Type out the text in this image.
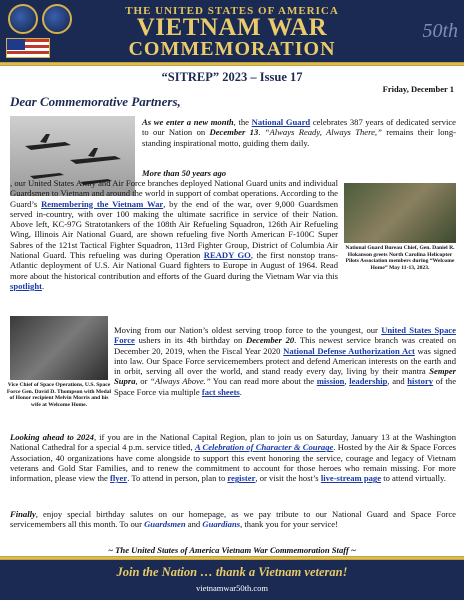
THE UNITED STATES OF AMERICA
VIETNAM WAR
COMMEMORATION
50th
“SITREP” 2023 – Issue 17
Friday, December 1
Dear Commemorative Partners,
As we enter a new month, the National Guard celebrates 387 years of dedicated service to our Nation on December 13. “Always Ready, Always There,” remains their long-standing inspirational motto, guiding them daily.
More than 50 years ago
National Guard Bureau Chief, Gen. Daniel R. Hokanson greets North Carolina Helicopter Pilots Association members during “Welcome Home” May 11-13, 2023.
, our United States Army and Air Force branches deployed National Guard units and individual Guardsmen to Vietnam and around the world in support of combat operations. According to the Guard’s Remembering the Vietnam War, by the end of the war, over 9,000 Guardsmen served in-country, with over 100 making the ultimate sacrifice in service of their Nation. Above left, KC-97G Stratotankers of the 108th Air Refueling Squadron, 126th Air Refueling Wing, Illinois Air National Guard, are shown refueling five North American F-100C Super Sabres of the 121st Tactical Fighter Squadron, 113rd Fighter Group, District of Columbia Air National Guard. This refueling was during Operation READY GO, the first nonstop trans-Atlantic deployment of U.S. Air National Guard fighters to Europe in August of 1964. Read more about the historical contribution and efforts of the Guard during the Vietnam War via this spotlight.
Vice Chief of Space Operations, U.S. Space Force Gen. David D. Thompson with Medal of Honor recipient Melvin Morris and his wife at Welcome Home.
Moving from our Nation’s oldest serving troop force to the youngest, our United States Space Force ushers in its 4th birthday on December 20. This newest service branch was created on December 20, 2019, when the Fiscal Year 2020 National Defense Authorization Act was signed into law. Our Space Force servicemembers protect and defend American interests on the earth and in orbit, serving all over the world, and stand ready every day, living by their mantra Semper Supra, or “Always Above.” You can read more about the mission, leadership, and history of the Space Force via multiple fact sheets.
Looking ahead to 2024, if you are in the National Capital Region, plan to join us on Saturday, January 13 at the Washington National Cathedral for a special 4 p.m. service titled, A Celebration of Character & Courage. Hosted by the Air & Space Forces Association, 40 organizations have come alongside to support this event honoring the service, courage and legacy of Vietnam veterans and Gold Star Families, and to renew the commitment to account for those heroes who remain missing. For more information, please view the flyer. To attend in person, plan to register, or visit the host’s live-stream page to attend virtually.
Finally, enjoy special birthday salutes on our homepage, as we pay tribute to our National Guard and Space Force servicemembers all this month. To our Guardsmen and Guardians, thank you for your service!
~ The United States of America Vietnam War Commemoration Staff ~
Join the Nation … thank a Vietnam veteran!
vietnamwar50th.com
